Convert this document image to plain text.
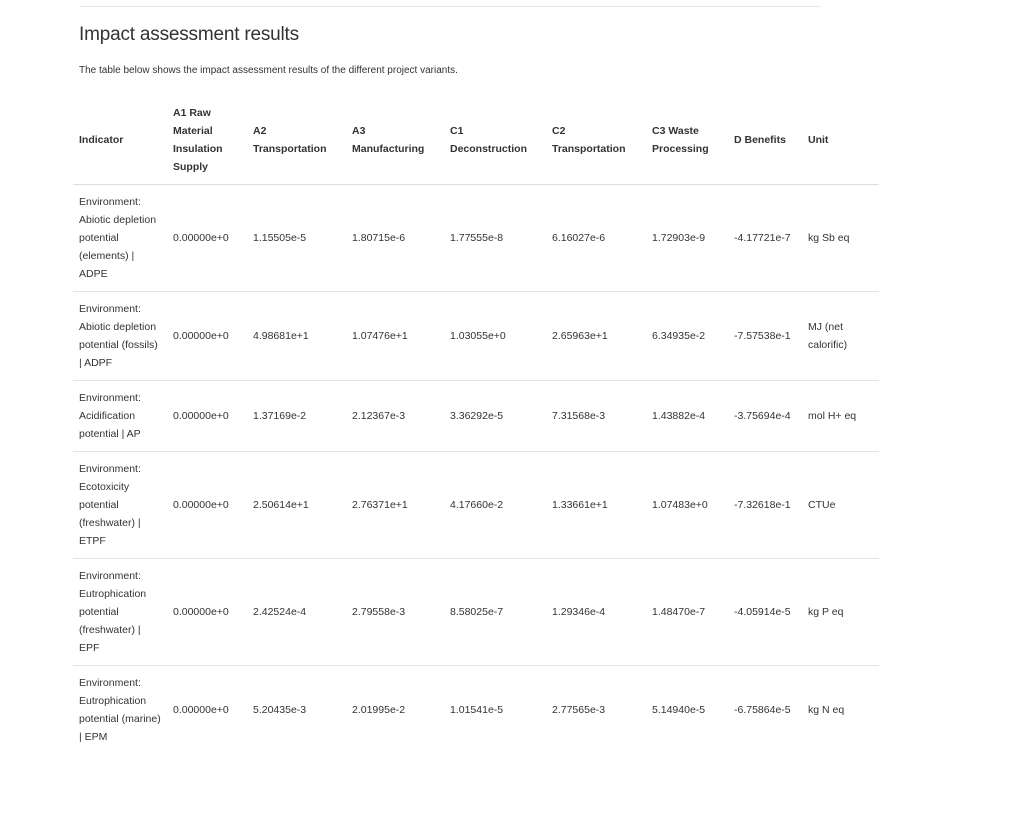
Impact assessment results

The table below shows the impact assessment results of the different project variants.

Indicator	A1 Raw Material Insulation Supply	A2 Transportation	A3 Manufacturing	C1 Deconstruction	C2 Transportation	C3 Waste Processing	D Benefits	Unit
Environment: Abiotic depletion potential (elements) | ADPE	0.00000e+0	1.15505e-5	1.80715e-6	1.77555e-8	6.16027e-6	1.72903e-9	-4.17721e-7	kg Sb eq
Environment: Abiotic depletion potential (fossils) | ADPF	0.00000e+0	4.98681e+1	1.07476e+1	1.03055e+0	2.65963e+1	6.34935e-2	-7.57538e-1	MJ (net calorific)
Environment: Acidification potential | AP	0.00000e+0	1.37169e-2	2.12367e-3	3.36292e-5	7.31568e-3	1.43882e-4	-3.75694e-4	mol H+ eq
Environment: Ecotoxicity potential (freshwater) | ETPF	0.00000e+0	2.50614e+1	2.76371e+1	4.17660e-2	1.33661e+1	1.07483e+0	-7.32618e-1	CTUe
Environment: Eutrophication potential (freshwater) | EPF	0.00000e+0	2.42524e-4	2.79558e-3	8.58025e-7	1.29346e-4	1.48470e-7	-4.05914e-5	kg P eq
Environment: Eutrophication potential (marine) | EPM	0.00000e+0	5.20435e-3	2.01995e-2	1.01541e-5	2.77565e-3	5.14940e-5	-6.75864e-5	kg N eq
